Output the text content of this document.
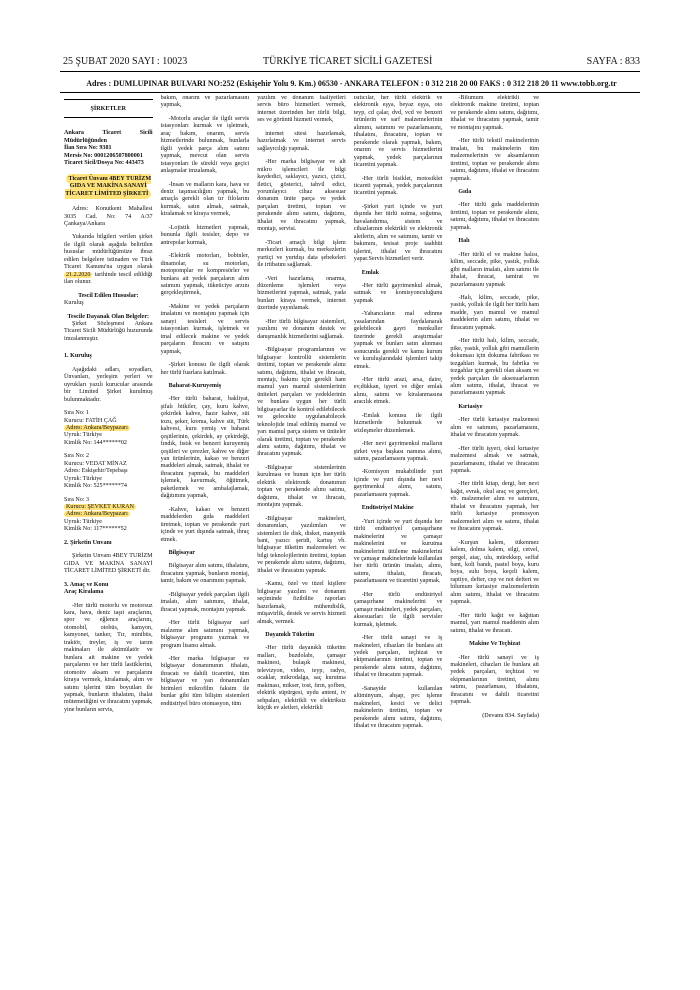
25 ŞUBAT 2020 SAYI : 10023	TÜRKİYE TİCARET SİCİLİ GAZETESİ	SAYFA : 833
Adres : DUMLUPINAR BULVARI NO:252 (Eskişehir Yolu 9. Km.) 06530 - ANKARA TELEFON : 0 312 218 20 00 FAKS : 0 312 218 20 11 www.tobb.org.tr

ŞİRKETLER

Ankara Ticaret Sicili Müdürlüğünden

İlan Sıra No: 9381

Mersis No: 0001206507800001

Ticaret Sicil/Dosya No: 443473

Ticaret Ünvanı 4BEY TURİZM GIDA VE MAKİNA SANAYİ TİCARET LİMİTED ŞİRKETİ

Adres: Konutkent Mahallesi 3035 Cad. No: 74 A/37 Çankaya/Ankara

Yukarıda bilgileri verilen şirket ile ilgili olarak aşağıda belirtilen hususlar müdürlüğümüze ibraz edilen belgelere istinaden ve Türk Ticaret Kanunu'na uygun olarak 21.2.2020 tarihinde tescil edildiği ilan olunur.

Tescil Edilen Hususlar:

Kuruluş

Tescile Dayanak Olan Belgeler:

Şirket Sözleşmesi Ankara Ticaret Sicili Müdürlüğü huzurunda imzalanmıştır.

1. Kuruluş

Aşağıdaki adları, soyadları, Ünvanları, yerleşim yerleri ve uyrukları yazılı kurucular arasında bir Limited Şirket kurulmuş bulunmaktadır.

Sıra No: 1
Kurucu: FATİH ÇAĞ
Adres: Ankara/Beypazarı
Uyruk: Türkiye
Kimlik No: 144******02
Sıra No: 2
Kurucu: VEDAT MİNAZ
Adres: Eskişehir/Tepebaşı
Uyruk: Türkiye
Kimlik No: 525******74
Sıra No: 3
Kurucu: ŞEVKET KURAN
Adres: Ankara/Beypazarı
Uyruk: Türkiye
Kimlik No: 117******52

2. Şirketin Unvanı

Şirketin Unvanı 4BEY TURİZM GIDA VE MAKİNA SANAYİ TİCARET LİMİTED ŞİRKETİ dir.

3. Amaç ve Konu

Araç Kiralama

-Her türlü motorlu ve motorsuz kara, hava, deniz taşıt araçlarını, spor ve eğlence araçlarını, otomobil, otobüs, kamyon, kamyonet, tanker, Tır, minibüs, traktör, treyler, iş ve tarım makinaları ile akümülatör ve bunlara ait makine ve yedek parçalarını ve her türlü lastiklerini, otomotiv aksam ve parçalarını kiraya vermek, kiralamak, alım ve satımı işlerini tüm boyutları ile yapmak, bunların ithalatını, ihalat mütemetliğini ve ihracatını yapmak, yine bunların servis,

bakım, onarım ve pazarlamasını yapmak,

-Motorlu araçlar ile ilgili servis istasyonları kurmak ve işletmek, araç bakım, onarım, servis hizmetlerinde bulunmak, bunlarla ilgili yedek parça alım satımı yapmak, mevcut olan servis istasyonları ile sürekli veya geçici anlaşmalar imzalamak,

-İnsan ve malların kara, hava ve deniz taşımacılığını yapmak, bu amaçla gerekli olan tır filolarını kurmak, satın almak, satmak, kiralamak ve kiraya vermek,

-Lojistik hizmetleri yapmak, bununla ilgili tesisler, depo ve antrepolar kurmak,

-Elektrik motorları, bobinler, dinamolar, su motorları, motopomplar ve kompresörler ve bunlara ait yedek parçaların alım satımını yapmak, tüketiciye arzını gerçekleştirmek,

-Makine ve yedek parçaların imalatını ve montajını yapmak için sanayi tesisleri ve servis istasyonları kurmak, işletmek ve imal edilecek makine ve yedek parçaların ihracını ve satışını yapmak,

-Şirket konusu ile ilgili olarak her türlü fuarlara katılmak.

Baharat-Kuruyemiş

-Her türlü baharat, bakliyat, şifalı bitkiler, çay, kuru kahve, çekirdek kahve, hazır kahve, süt tozu, şeker, krema, kahve süt, Türk kahvesi, kuru yemiş ve baharat çeşitlerinin, çekirdek, ay çekirdeği, fındık, fıstık ve benzeri kuruyemiş çeşitleri ve çerezler, kahve ve diğer yan ürünlerinin, kakao ve benzeri maddeleri almak, satmak, ithalat ve ihracatını yapmak, bu maddeleri işlemek, kavurmak, öğütmek, paketlemek ve ambalajlamak, dağıtımını yapmak,

-Kahve, kakao ve benzeri maddelerden gıda maddeleri üretmek, toptan ve perakende yurt içinde ve yurt dışında satmak, ihraç etmek.

Bilgisayar

Bilgisayar alım satımı, ithalatını, ihracatını yapmak, bunların montaj, tamir, bakım ve onarımını yapmak.

-Bilgisayar yedek parçaları ilgili imalatı, alım satımını, ithalat, ihracat yapmak, montajını yapmak.

-Her türlü bilgisayar sarf malzeme alım satımını yapmak, bilgisayar programı yazmak ve program lisansı almak.

-Her marka bilgisayar ve bilgisayar donanımının ithalatı, ihracatı ve dahili ticaretini, tüm bilgisayar ve yan donanımları birimleri mikrofilm faksim ile bunlar gibi tüm bilişim sistemleri endüstriyel büro otomasyon, tüm

yazılım ve donanım faaliyetleri servis büro hizmetleri vermek, internet üzerinden her türlü bilgi, ses ve görüntü hizmeti vermek,

internet sitesi hazırlamak, hazırlatmak ve internet servis sağlayıcılığı yapmak.

-Her marka bilgisayar ve alt mikro işlemcileri ile bilgi kaydedici, saklayıcı, yazıcı, çizici, iletici, gösterici, tahvil edici, yorumlayıcı cihaz aksesuar donanım ünite parça ve yedek parçaları üretimi, toptan ve perakende alımı satımı, dağıtımı, ithalat ve ihracatını yapmak, montajı, servisi.

-Ticari amaçlı bilgi işlem merkezleri kurmak, bu merkezlerin yurtiçi ve yurtdışı data şebekeleri ile irtibatını sağlamak.

-Veri hazırlama, onarma, düzenleme işlemleri veya hizmetlerini yapmak, satmak, yada bunları kiraya vermek, internet üzerinde yayınlamak.

-Her türlü bilgisayar sistemleri, yazılımı ve donanım destek ve danışmanlık hizmetlerini sağlamak.

-Bilgisayar programlarının ve bilgisayar kontrollü sistemlerin üretimi, toptan ve perakende alımı satımı, dağıtımı, ithalat ve ihracatı, montajı, bakımı için gerekli ham mamul yarı mamul sistemlerinin üniteleri parçaları ve yedeklerinin ve bunlara uygun her türlü bilgisayarlar ile kontrol edilebilecek ve gelecekte uygulanabilecek teknolojide imal edilmiş mamul ve yarı mamul parça sistem ve üniteler olarak üretimi, toptan ve perakende alımı satımı, dağıtımı, ithalat ve ihracatını yapmak.

-Bilgisayar sistemlerinin kurulması ve bunun için her türlü elektrik elektronik donanımın toptan ve perakende alımı satımı, dağıtımı, ithalat ve ihracatı, montajını yapmak.

-Bilgisayar makineleri, donanımları, yazılımları ve sistemleri ile disk, disket, manyetik bant, yazıcı şeridi, kartuş vb. bilgisayar tüketim malzemeleri ve bilgi teknolojilerinin üretimi, toptan ve perakende alımı satımı, dağıtımı, ithalat ve ihracatını yapmak.

-Kamu, özel ve tüzel kişilere bilgisayar yazılım ve donanım seçiminde fizibilite raporları hazırlamak, mühendislik, müşavirlik, destek ve servis hizmeti almak, vermek.

Dayanıklı Tüketim

-Her türlü dayanıklı tüketim malları, buzdolabı, çamaşır makinesi, bulaşık makinesi, televizyon, video, teyp, radyo, ocaklar, mikrodalga, saç kurutma makinası, mikser, tost, fırın, şofben, elektrik süpürgesi, uydu anteni, tv sehpaları, elektrikli ve elektriksiz küçük ev aletleri, elektrikli

ısıtıcılar, her türlü elektrik ve elektronik eşya, beyaz eşya, oto teyp, cd çalar, dvd, vcd ve benzeri ürünlerin ve sarf malzemelerinin alımını, satımını ve pazarlamasını, ithalatını, ihracatını, toptan ve perakende olarak yapmak, bakım, onarım ve servis hizmetlerini yapmak, yedek parçalarının ticaretini yapmak.

-Her türlü bisiklet, motosiklet ticareti yapmak, yedek parçalarının ticaretini yapmak.

-Şirket yurt içinde ve yurt dışında her türlü ısıtma, soğutma, havalandırma, sistem ve cihazlarının elektrikli ve elektronik aletlerin, alım ve satımını, tamir ve bakımını, tesisat proje taahhüt işlerini, ithalat ve ihracatını yapar.Servis hizmetleri verir.

Emlak

-Her türlü gayrimenkul almak, satmak ve komisyonculuğunu yapmak

-Yabancıların mal edinme yasalarından faydalanarak gelebilecek gayri menkuller üzerinde gerekli araştırmalar yapmak ve bunları satın alınması sonucunda gerekli ve kamu kurum ve kuruluşlarındaki işlemleri takip etmek.

-Her türlü arazi, arsa, daire, ev,dükkan, işyeri ve diğer emlak alımı, satımı ve kiralanmasına aracılık etmek.

-Emlak konusu ile ilgili hizmetlerde bulunmak ve sözleşmeler düzenlemek.

-Her nevi gayrimenkul malların şirket veya başkası namına alımı, satımı, pazarlamasını yapmak.

-Komisyon mukabilinde yurt içinde ve yurt dışında her nevi gayrimenkul alımı, satımı, pazarlamasını yapmak.

Endüstriyel Makine

-Yurt içinde ve yurt dışında her türlü endüstriyel çamaşırhane makinelerini ve çamaşır makinelerini ve kurutma makinelerini ütüleme makinelerini ve çamaşır makinelerinde kullanılan her türlü ürünün imalatı, alımı, satımı, ithalatı, ihracatı, pazarlamasını ve ticaretini yapmak.

-Her türlü endüstriyel çamaşırhane makinelerini ve çamaşır makineleri, yedek parçaları, aksesuarları ile ilgili servisler kurmak, işletmek.

-Her türlü sanayi ve iş makineleri, cihazları ile bunlara ait yedek parçaları, teçhizat ve ekipmanlarının üretimi, toptan ve perakende alımı satımı, dağıtımı, ithalat ve ihracatını yapmak.

-Sanayide kullanılan alüminyum, ahşap, pvc işleme makineleri, kesici ve delici makinelerin üretimi, toptan ve perakende alımı satımı, dağıtımı, ithalat ve ihracatını yapmak.

-Bilumum elektrikli ve elektronik makine üretimi, toptan ve perakende alımı satımı, dağıtımı, ithalat ve ihracatını yapmak, tamir ve montajını yapmak.

-Her türlü tekstil makinelerinin imalatı, bu makinelerin tüm malzemelerinin ve aksamlarının üretimi, toptan ve perakende alımı satımı, dağıtımı, ithalat ve ihracatını yapmak.

Gıda

-Her türlü gıda maddelerinin üretimi, toptan ve perakende alımı, satımı, dağıtımı, ithalat ve ihracatını yapmak.

Halı

-Her türlü el ve makine halısı, kilim, seccade, pike, yastık, yolluk gibi malların imalatı, alım satımı ile ithalat, ihracat, tamirat ve pazarlamasını yapmak

-Halı, kilim, seccade, pike, yastık, yolluk ile ilgili her türlü ham madde, yarı mamul ve mamul maddelerin alım satımı, ithalat ve ihracatını yapmak.

-Her türlü halı, kilim, seccade, pike, yastık, yolluk gibi mamullerin dokuması için dokuma fabrikası ve tezgahları kurmak, bu fabrika ve tezgahlar için gerekli olan aksam ve yedek parçaları ile aksesuarlarının alım satımı, ithalat, ihracat ve pazarlamasını yapmak

Kırtasiye

-Her türlü kırtasiye malzemesi alım ve satımını, pazarlamasını, ithalat ve ihracatını yapmak.

-Her türlü işyeri, okul kırtasiye malzemesi almak ve satmak, pazarlamasını, ithalat ve ihracatını yapmak.

-Her türlü kitap, dergi, her nevi kağıt, evrak, okul araç ve gereçleri, vb. malzemeler alım ve satımını, ithalat ve ihracatını yapmak, her türlü kırtasiye promosyon malzemeleri alım ve satımı, ithalat ve ihracatını yapmak.

-Kurşun kalem, tükenmez kalem, dolma kalem, silgi, cetvel, pergel, ataç, ulu, mürekkep, seffaf bant, koli bandı, pastel boya, kuru boya, sulu boya, keçeli kalem, raptiye, defter, cep ve not defteri ve bilumum kırtasiye malzemelerinin alım satımı, ithalat ve ihracatını yapmak.

-Her türlü kağıt ve kağıttan mamul, yarı mamul maddenin alım satımı, ithalat ve ihracatı.

Makine Ve Teçhizat

-Her türlü sanayi ve iş makineleri, cihazları ile bunlara ait yedek parçaları, teçhizat ve ekipmanlarının üretimi, alımı satımı, pazarlaması, ithalatını, ihracatını ve dahili ticaretini yapmak.

(Devamı 834. Sayfada)
